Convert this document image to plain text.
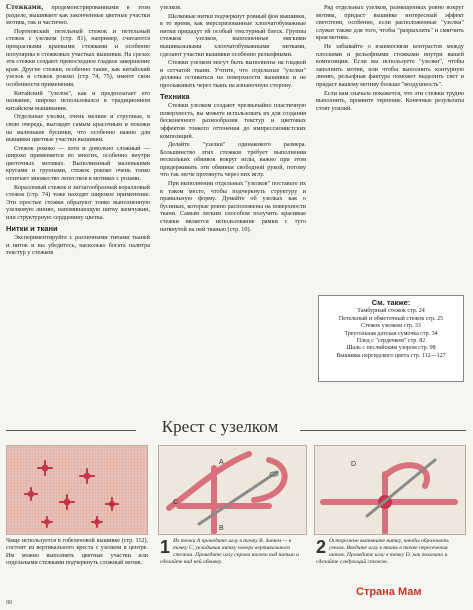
Стежками, продемонстрированными в этом разделе, вышивают как законченные цветные участки мотива, так и частично.

Портновский петельный стежок и петельный стежок с узелком (стр. 81), например, считаются прекрасными краевыми стежками и особенно популярны в стежковых участках вышивки. На срезах эти стежки создают превосходное гладкое завершение края. Другие стежки, особенно такие, как китайский узелок и стежок рококо (стр 74, 75), имеют свои особенности применения.

Китайский "узелок", как и предполагает его название, широко использовался в традиционном китайском вышивании.

Отдельные узелки, очень мелкие и струпные, в свою очередь, выглядят самым красочным и похожи на маленькие бусинки, что особенно важно для вышивки цветные участки вышивки.

Стежок рококо — хотя и довольно сложный — широко применяется во многих, особенно внутри цветочных мотивах. Выполненный маленькими кругами и группами, стежок рококо очень тонко отличает множество лепестков в мотивах с розами.

Коралловый стежок и зигзагообразный коралловый стежок (стр. 74) тоже находят широкое применение. Эти простые стежки образуют тонко выполненную узелковую линию, напоминающую нитку жемчужин, или структурную сердцевину цветка.

Нитки и ткани

Экспериментируйте с различными типами тканей и ниток и вы убедитесь, насколько богата палитра текстур у стежков

узелков.

Шелковые нитки подчеркнут ровный фон вышивки, в то время, как мерсеризованные хлопчатобумажные нитки придадут ей особый текстурный блеск. Группы стежков узелков, выполненные мягкими вышивальными хлопчатобумажными нитками, сделают участки вышивки особенно рельефными.

Стежки узелком могут быть выполнены на гладкой и сетчатой ткани. Учтите, что отдельные "узелки" должны оставаться на поверхности вышивки и не проскакивать через ткань на изнаночную сторону.

Техника

Стежки узелком создают чрезвычайно пластичную поверхность, вы можете использовать их для создания бесконечного разнообразия текстур и цветовых эффектов тонкого оттенения до импрессионистских композиций.

Делайте "узелки" одинакового размера. Большинство этих стежков требует выполнения нескольких обвивок вокруг иглы, важно при этом придерживать эти обвивки свободной рукой, потому что так легче протянуть через них иглу.

При выполнении отдельных "узелков" поставьте их в таком месте, чтобы подчеркнуть структуру и правильную форму. Думайте об узелках как о бусинках, которые ровно расположены на поверхности ткани. Самым легким способом получить красивые стежки является использование рамки с туго натянутой на ней тканью (стр. 10).

Ряд отдельных узелков, размещенных ровно вокруг мотива, придаст вышивке интересный эффект светотени, особенно, если расположенные "узелки" служат также для того, чтобы "разрыхлить" и смягчить края мотива.

Не забывайте о взаимосвязи контрастов между плоскими и рельефными стежками внутри вашей композиции. Если вы используете "узелки", чтобы заполнить мотив, или чтобы выполнить контурную линию, рельефная фактура поможет выделить свет и придаст вашему мотиву больше "воздушность".

Если вам сначала покажется, что эти стежки трудно выполнить, проявите терпение. Конечные результаты стоят усилий.

См. также:
Тамбурный стежок стр. 24
Петельный и обметочный стежок стр. 25
Стежок узелком стр. 33
Треугольная датская сумочка стр. 34
Плед с "сердечком" стр. 82
Шаль с песлийским узором стр. 98
Вышивка персидского цвета стр. 112—127
Крест с узелком
A
B
C
D
Чаще используется в гобеленовой вышивке (стр. 112), состоит из вертикального креста с узелком в центре. Им можно выполнять цветные участки или отдельными стежками подчеркнуть сложный мотив.
1 Из точки А проведите иглу в точку B. Затем — в точку C, укладывая нитку поверх вертикального стежка. Проведите иглу справа налево под нитью и сделайте над ней обвивку.
2 Осторожно вытяните нитку, чтобы образовать узелок. Введите иглу в ткань в точке пересечения ниток. Проведите иглу в точку D, как показано и сделайте следующий стежок.
Страна Мам
88
